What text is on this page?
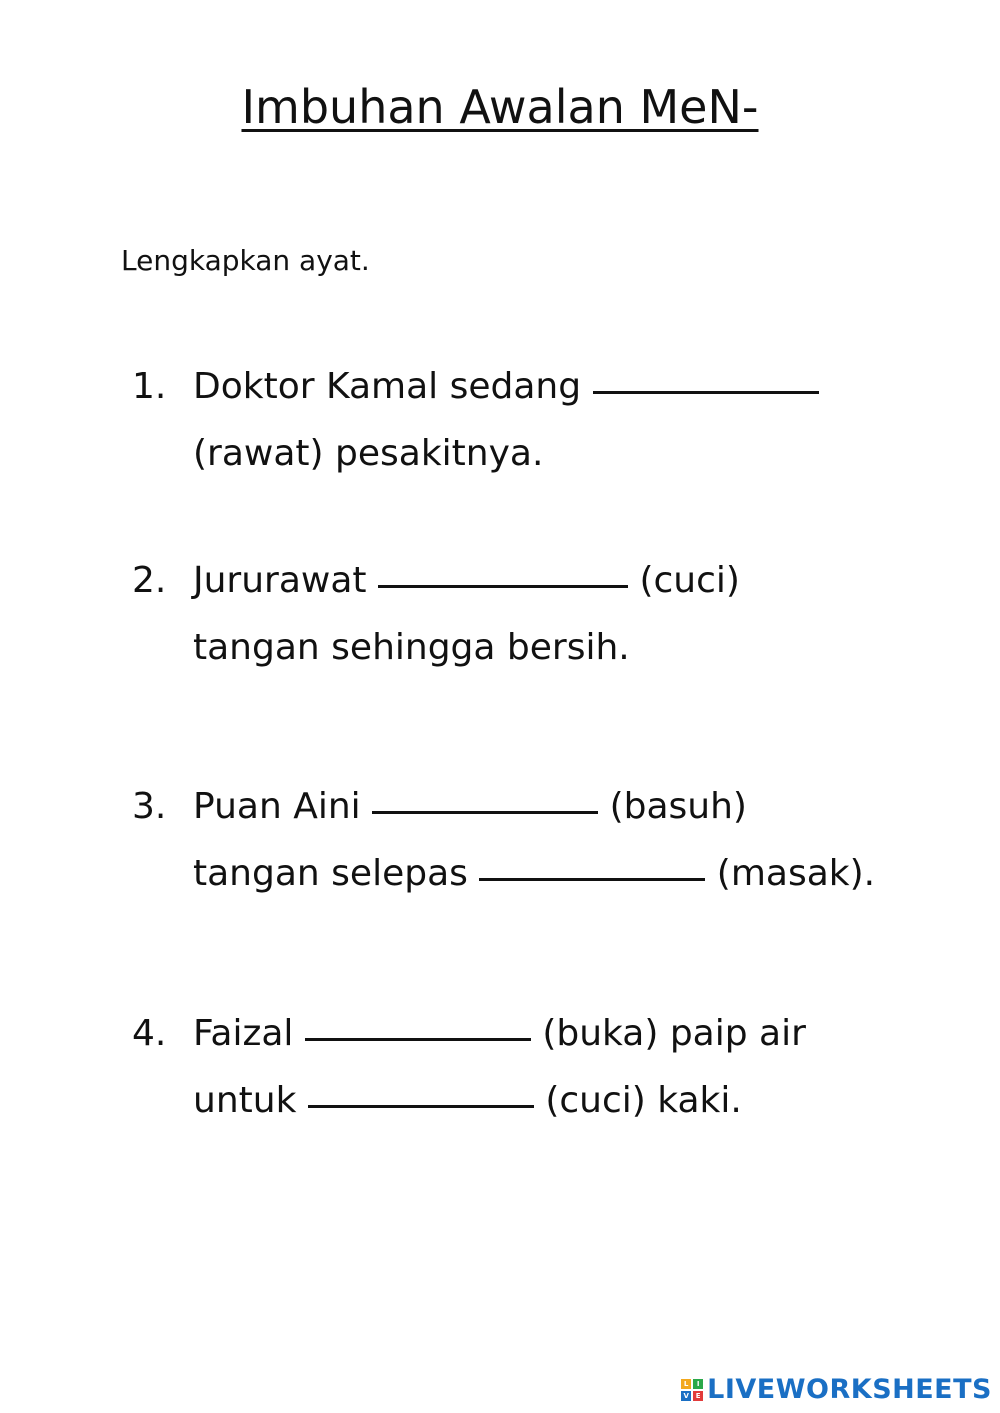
Imbuhan Awalan MeN-
Lengkapkan ayat.
1. Doktor Kamal sedang
(rawat) pesakitnya.
2. Jururawat	(cuci)
tangan sehingga bersih.
3. Puan Aini	(basuh)
tangan selepas	(masak).
4. Faizal	(buka) paip air
untuk	(cuci) kaki.
L	I
V E LIVEWORKSHEETS
